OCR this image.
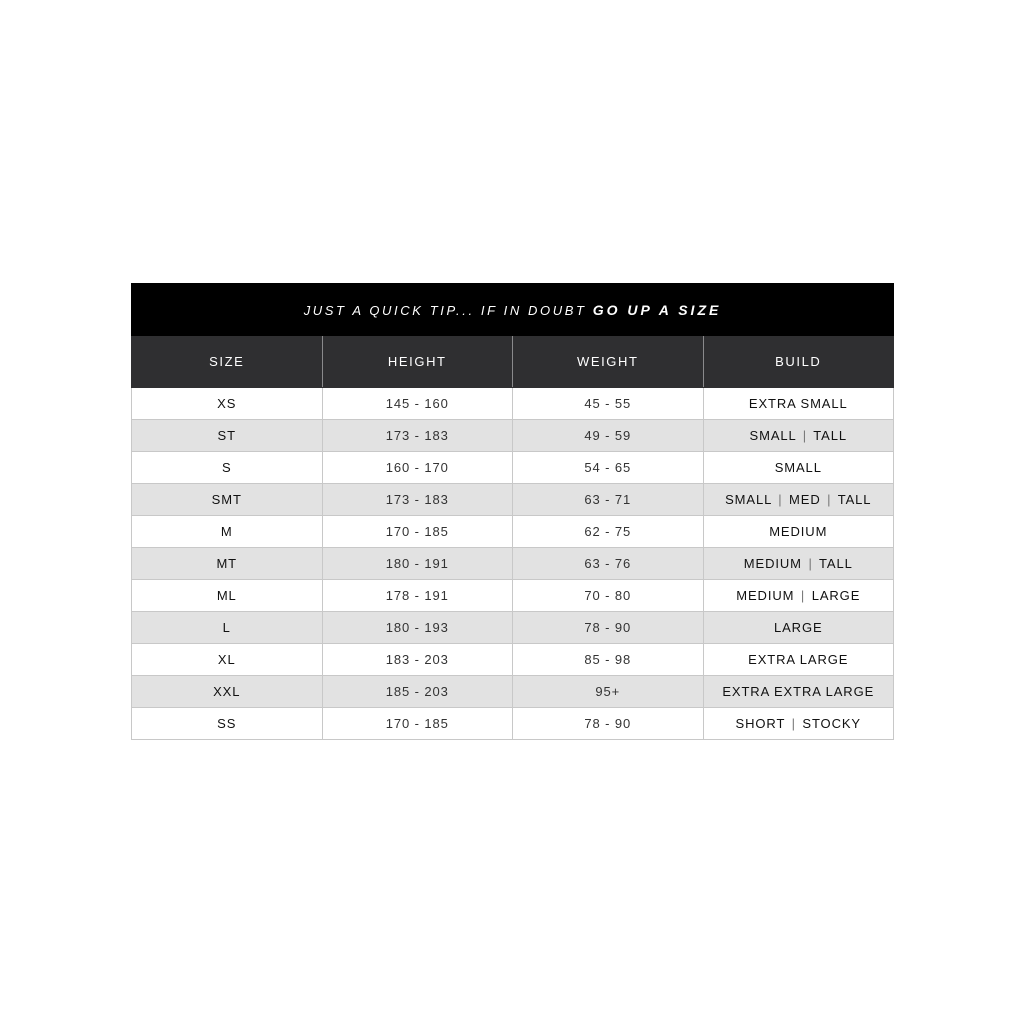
JUST A QUICK TIP... IF IN DOUBT GO UP A SIZE			
SIZE	HEIGHT	WEIGHT	BUILD
XS	145 - 160	45 - 55	EXTRA SMALL
ST	173 - 183	49 - 59	SMALL | TALL
S	160 - 170	54 - 65	SMALL
SMT	173 - 183	63 - 71	SMALL | MED | TALL
M	170 - 185	62 - 75	MEDIUM
MT	180 - 191	63 - 76	MEDIUM | TALL
ML	178 - 191	70 - 80	MEDIUM | LARGE
L	180 - 193	78 - 90	LARGE
XL	183 - 203	85 - 98	EXTRA LARGE
XXL	185 - 203	95+	EXTRA EXTRA LARGE
SS	170 - 185	78 - 90	SHORT | STOCKY
